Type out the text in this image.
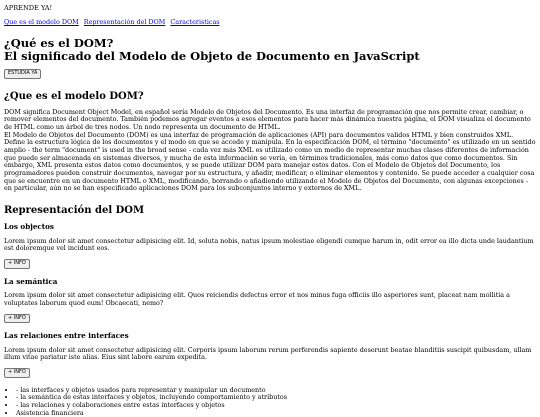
APRENDE YA!
Que es el modelo DOM Representación del DOM Caracteristicas
¿Qué es el DOM?
El significado del Modelo de Objeto de Documento en JavaScript
ESTUDIA YA
¿Que es el modelo DOM?

DOM significa Document Object Model, en español sería Modelo de Objetos del Documento. Es una interfaz de programación que nos permite crear, cambiar, o remover elementos del documento. También podemos agregar eventos a esos elementos para hacer más dinámica nuestra página, el DOM visualiza el documento de HTML como un árbol de tres nodos. Un nodo representa un documento de HTML.

El Modelo de Objetos del Documento (DOM) es una interfaz de programación de aplicaciones (API) para documentos validos HTML y bien construidos XML. Define la estructura lógica de los documentos y el modo en que se accede y manipula. En la especificación DOM, el término "documento" es utilizado en un sentido amplio - the term "document" is used in the broad sense - cada vez más XML es utilizado como un medio de representar muchas clases diferentes de información que puede ser almacenada en sistemas diversos, y mucha de esta información se vería, en términos tradicionales, más como datos que como documentos. Sin embargo, XML presenta estos datos como documentos, y se puede utilizar DOM para manejar estos datos. Con el Modelo de Objetos del Documento, los programadores pueden construir documentos, navegar por su estructura, y añadir, modificar, o eliminar elementos y contenido. Se puede acceder a cualquier cosa que se encuentre en un documento HTML o XML, modificando, borrando o añadiendo utilizando el Modelo de Objetos del Documento, con algunas excepciones - en particular, aún no se han especificado aplicaciones DOM para los subconjuntos interno y externos de XML.

Representación del DOM
Los objectos

Lorem ipsum dolor sit amet consectetur adipisicing elit. Id, soluta nobis, natus ipsum molestiae eligendi cumque harum in, odit error ea illo dicta unde laudantium est doloremque vel incidunt eos.

+ INFO
La semántica

Lorem ipsum dolor sit amet consectetur adipisicing elit. Quos reiciendis defectus error et nos minus fuga officiis illo asperiores sunt, placeat nam mollitia a voluptates laborum quod eum! Obcaecati, nemo?

+ INFO
Las relaciones entre interfaces

Lorem ipsum dolor sit amet consectetur adipisicing elit. Corporis ipsum laborum rerum perferendis sapiente deserunt beatae blanditiis suscipit quibusdam, ullam illum vitae pariatur iste alias. Eius sint labore earum expedita.

+ INFO
• - las interfaces y objetos usados para representar y manipular un documento
• - la semántica de estas interfaces y objetos, incluyendo comportamiento y atributos
• - las relaciones y colaboraciones entre estas interfaces y objetos
• Asistencia financiera
